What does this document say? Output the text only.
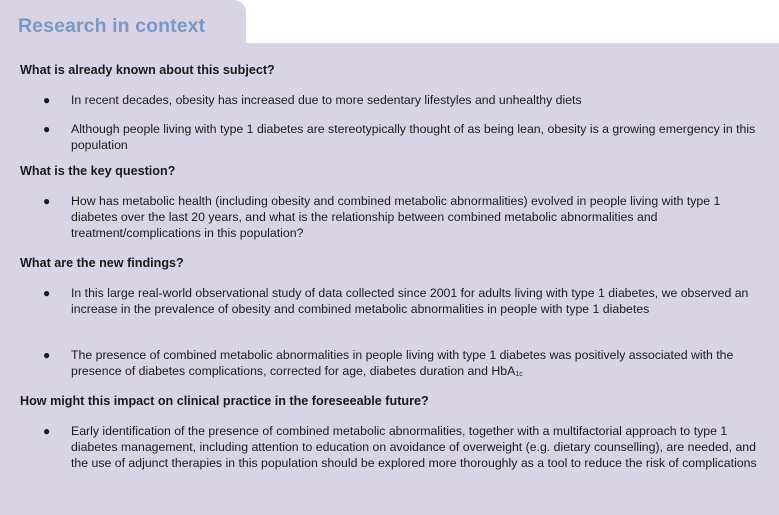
Research in context
What is already known about this subject?
● In recent decades, obesity has increased due to more sedentary lifestyles and unhealthy diets
● Although people living with type 1 diabetes are stereotypically thought of as being lean, obesity is a growing emergency in this population
What is the key question?
● How has metabolic health (including obesity and combined metabolic abnormalities) evolved in people living with type 1 diabetes over the last 20 years, and what is the relationship between combined metabolic abnormalities and treatment/complications in this population?
What are the new findings?
● In this large real-world observational study of data collected since 2001 for adults living with type 1 diabetes, we observed an increase in the prevalence of obesity and combined metabolic abnormalities in people with type 1 diabetes
● The presence of combined metabolic abnormalities in people living with type 1 diabetes was positively associated with the presence of diabetes complications, corrected for age, diabetes duration and HbA$_{1c}$
How might this impact on clinical practice in the foreseeable future?
● Early identification of the presence of combined metabolic abnormalities, together with a multifactorial approach to type 1 diabetes management, including attention to education on avoidance of overweight (e.g. dietary counselling), are needed, and the use of adjunct therapies in this population should be explored more thoroughly as a tool to reduce the risk of complications
